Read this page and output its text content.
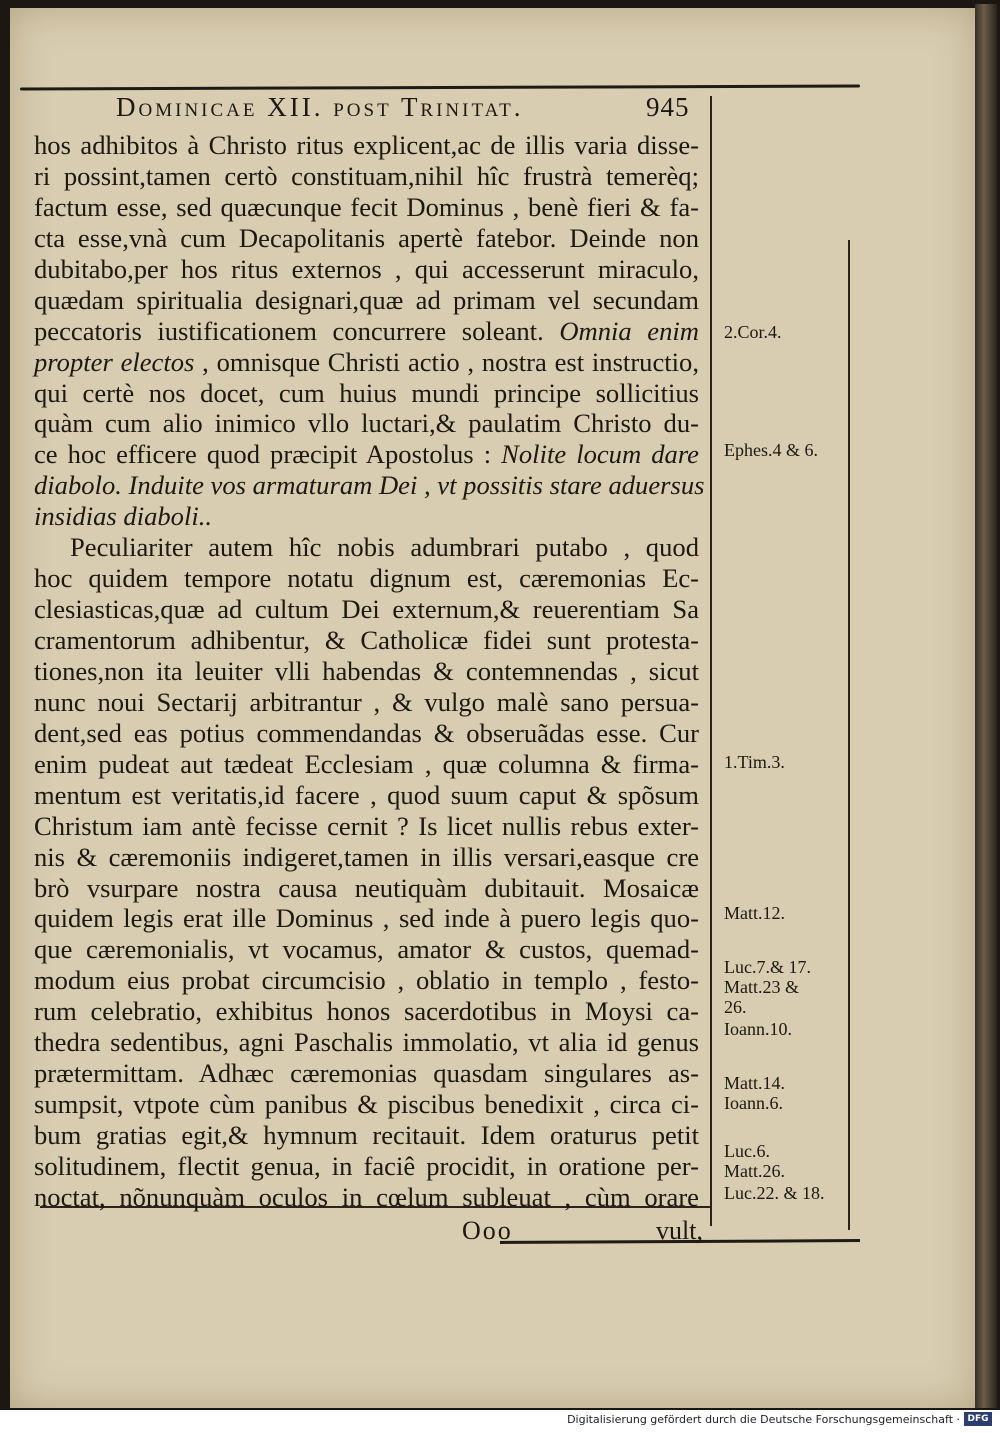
Dominicae XII. post Trinitat.	945
hos adhibitos à Christo ritus explicent,ac de illis varia disse-
ri possint,tamen certò constituam,nihil hîc frustrà temerèq;
factum esse, sed quæcunque fecit Dominus , benè fieri & fa-
cta esse,vnà cum Decapolitanis apertè fatebor. Deinde non
dubitabo,per hos ritus externos , qui accesserunt miraculo,
quædam spiritualia designari,quæ ad primam vel secundam
peccatoris iustificationem concurrere soleant. Omnia enim
propter electos , omnisque Christi actio , nostra est instructio,
qui certè nos docet, cum huius mundi principe sollicitius
quàm cum alio inimico vllo luctari,& paulatim Christo du-
ce hoc efficere quod præcipit Apostolus : Nolite locum dare
diabolo. Induite vos armaturam Dei , vt possitis stare aduersus
insidias diaboli..
Peculiariter autem hîc nobis adumbrari putabo , quod
hoc quidem tempore notatu dignum est, cæremonias Ec-
clesiasticas,quæ ad cultum Dei externum,& reuerentiam Sa
cramentorum adhibentur, & Catholicæ fidei sunt protesta-
tiones,non ita leuiter vlli habendas & contemnendas , sicut
nunc noui Sectarij arbitrantur , & vulgo malè sano persua-
dent,sed eas potius commendandas & obseruãdas esse. Cur
enim pudeat aut tædeat Ecclesiam , quæ columna & firma-
mentum est veritatis,id facere , quod suum caput & spõsum
Christum iam antè fecisse cernit ? Is licet nullis rebus exter-
nis & cæremoniis indigeret,tamen in illis versari,easque cre
brò vsurpare nostra causa neutiquàm dubitauit. Mosaicæ
quidem legis erat ille Dominus , sed inde à puero legis quo-
que cæremonialis, vt vocamus, amator & custos, quemad-
modum eius probat circumcisio , oblatio in templo , festo-
rum celebratio, exhibitus honos sacerdotibus in Moysi ca-
thedra sedentibus, agni Paschalis immolatio, vt alia id genus
prætermittam. Adhæc cæremonias quasdam singulares as-
sumpsit, vtpote cùm panibus & piscibus benedixit , circa ci-
bum gratias egit,& hymnum recitauit. Idem oraturus petit
solitudinem, flectit genua, in faciê procidit, in oratione per-
noctat, nõnunquàm oculos in cœlum subleuat , cùm orare
2.Cor.4.
Ephes.4 & 6.
1.Tim.3.
Matt.12.
Luc.7.& 17.
Matt.23 &
26.
Ioann.10.
Matt.14.
Ioann.6.
Luc.6.
Matt.26.
Luc.22. & 18.
Ooo	vult,
Digitalisierung gefördert durch die Deutsche Forschungsgemeinschaft · DFG
